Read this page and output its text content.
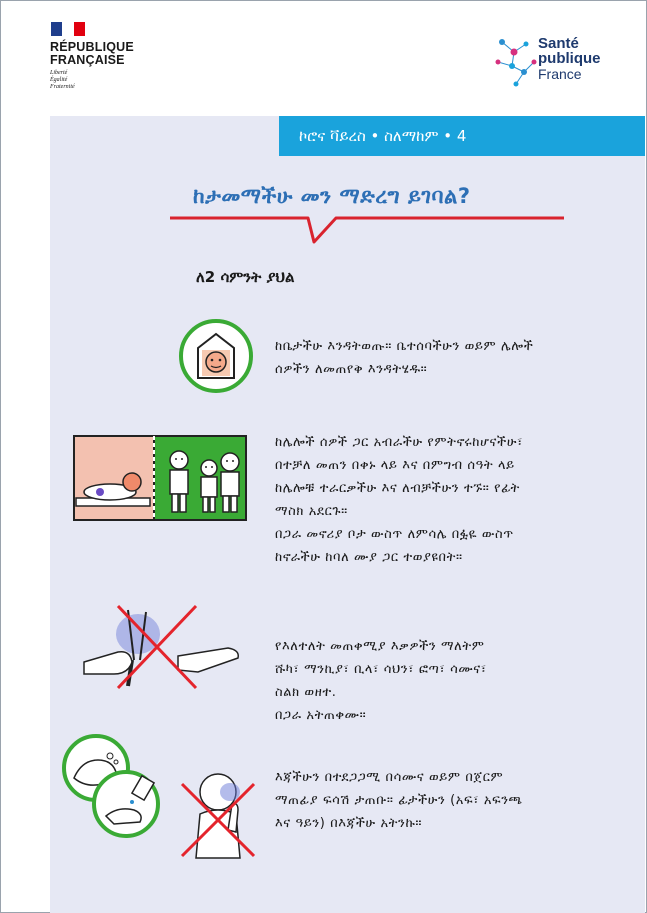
RÉPUBLIQUE
FRANÇAISE
Liberté
Égalité
Fraternité
Santé
publique
France
ኮሮና ቫይረስ • ስለማከም • 4
ከታመማችሁ መን ማድረግ ይገባል?
ለ2 ሳምንት ያህል
ከቤታችሁ እንዳትወጡ። ቤተሰባችሁን ወይም ሌሎች
ሰዎችን ለመጠየቅ እንዳትሄዱ።
ከሌሎች ሰዎች ጋር አብራችሁ የምትኖሩከሆናችሁ፣
በተቻለ መጠን በቀኑ ላይ እና በምግብ ሰዓት ላይ
ከሌሎቹ ተራርቃችሁ እና ለብቻችሁን ተኙ። የፊት
ማስክ አደርጉ።
በጋራ መኖሪያ ቦታ ውስጥ ለምሳሌ በፏዬ ውስጥ
ከኖራችሁ ከባለ ሙያ ጋር ተወያዩበት።
የእለተለት መጠቀሚያ እቃዎችን ማለትም
ሹካ፣ ማንኪያ፣ ቢላ፣ ሳህን፣ ፎጣ፣ ሳሙና፣
ስልክ ወዘተ.
በጋራ አትጠቀሙ።
እጃችሁን በተደጋጋሚ በሳሙና ወይም በጀርም
ማጠፊያ ፍሳሽ ታጠቡ። ፊታችሁን (አፍ፣ አፍንጫ
እና ዓይን) በእጃችሁ አትንኩ።
